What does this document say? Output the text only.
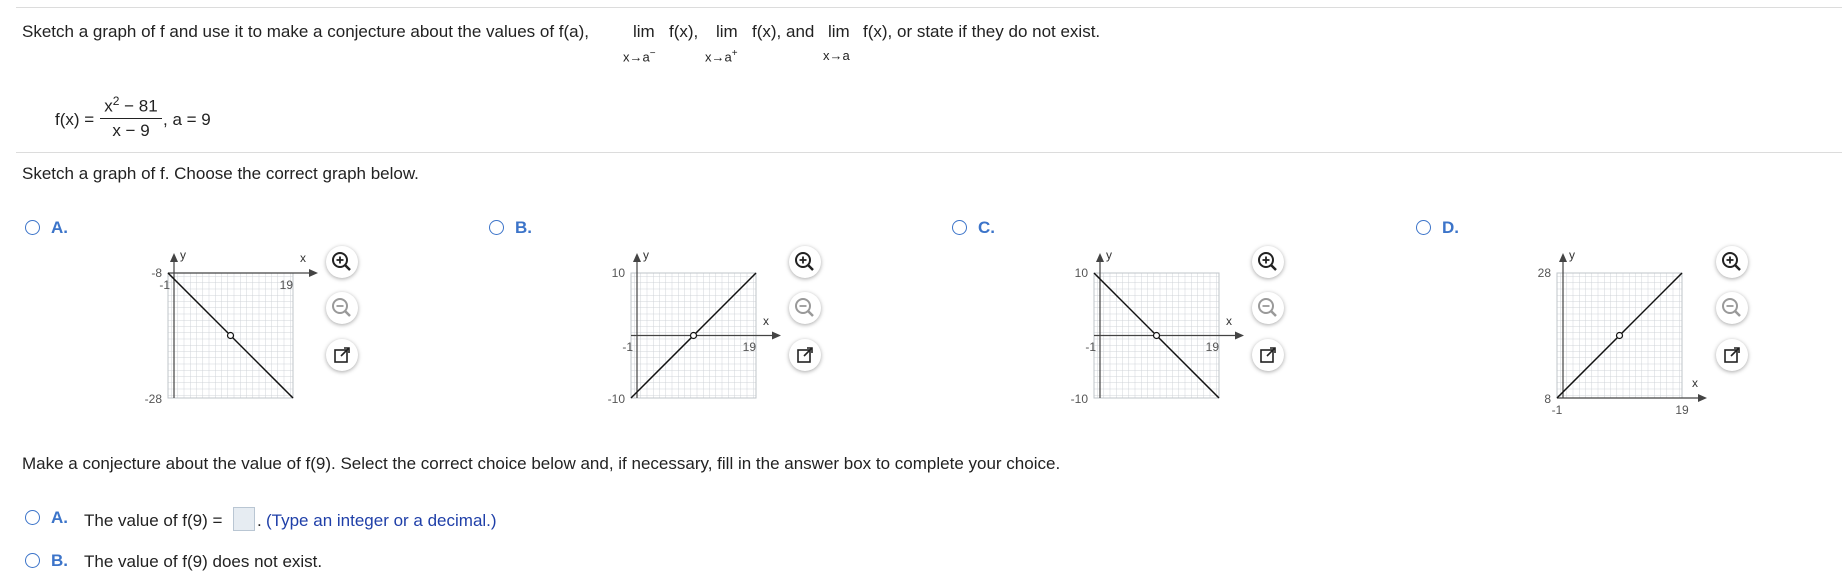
Sketch a graph of f and use it to make a conjecture about the values of f(a),	lim
x→a−
f(x), lim
x→a+
f(x), and lim
x→a
f(x), or state if they do not exist.
f(x) =
$x^2 - 81$
x − 9
, a = 9
Sketch a graph of f. Choose the correct graph below.
A.
y	x
-8
-28
-1	19
B.
y
x
10
-10
-1	19
C.
y
x
10
-10
-1	19
D.
y
x
28
8
-1	19
Make a conjecture about the value of f(9). Select the correct choice below and, if necessary, fill in the answer box to complete your choice.
A. The value of f(9) = . (Type an integer or a decimal.)
B. The value of f(9) does not exist.
